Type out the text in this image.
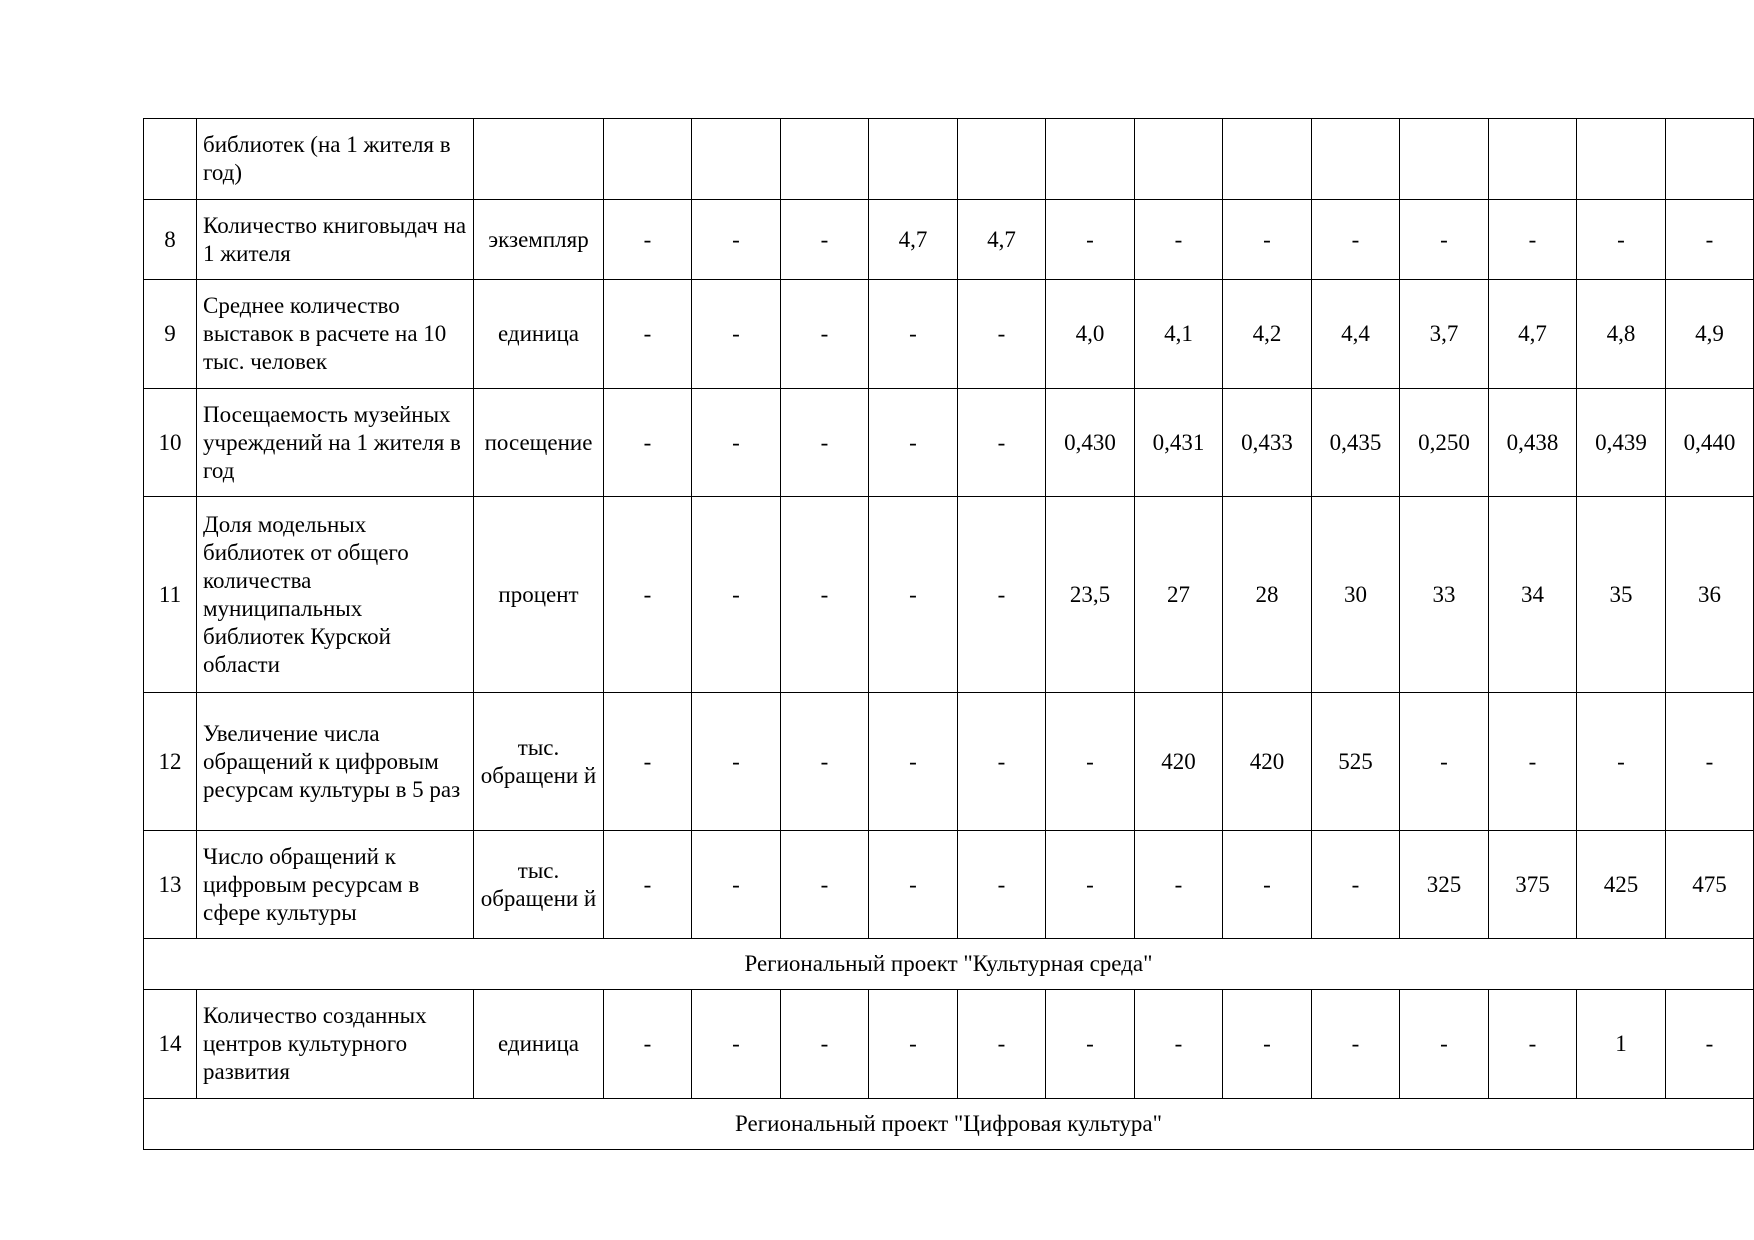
	библиотек (на 1 жителя в год)														
8	Количество книговыдач на 1 жителя	экземпляр	-	-	-	4,7	4,7	-	-	-	-	-	-	-	-
9	Среднее количество выставок в расчете на 10 тыс. человек	единица	-	-	-	-	-	4,0	4,1	4,2	4,4	3,7	4,7	4,8	4,9
10	Посещаемость музейных учреждений на 1 жителя в год	посещение	-	-	-	-	-	0,430	0,431	0,433	0,435	0,250	0,438	0,439	0,440
11	Доля модельных библиотек от общего количества муниципальных библиотек Курской области	процент	-	-	-	-	-	23,5	27	28	30	33	34	35	36
12	Увеличение числа обращений к цифровым ресурсам культуры в 5 раз	тыс. обращени й	-	-	-	-	-	-	420	420	525	-	-	-	-
13	Число обращений к цифровым ресурсам в сфере культуры	тыс. обращени й	-	-	-	-	-	-	-	-	-	325	375	425	475
Региональный проект "Культурная среда"															
14	Количество созданных центров культурного развития	единица	-	-	-	-	-	-	-	-	-	-	-	1	-
Региональный проект "Цифровая культура"															
